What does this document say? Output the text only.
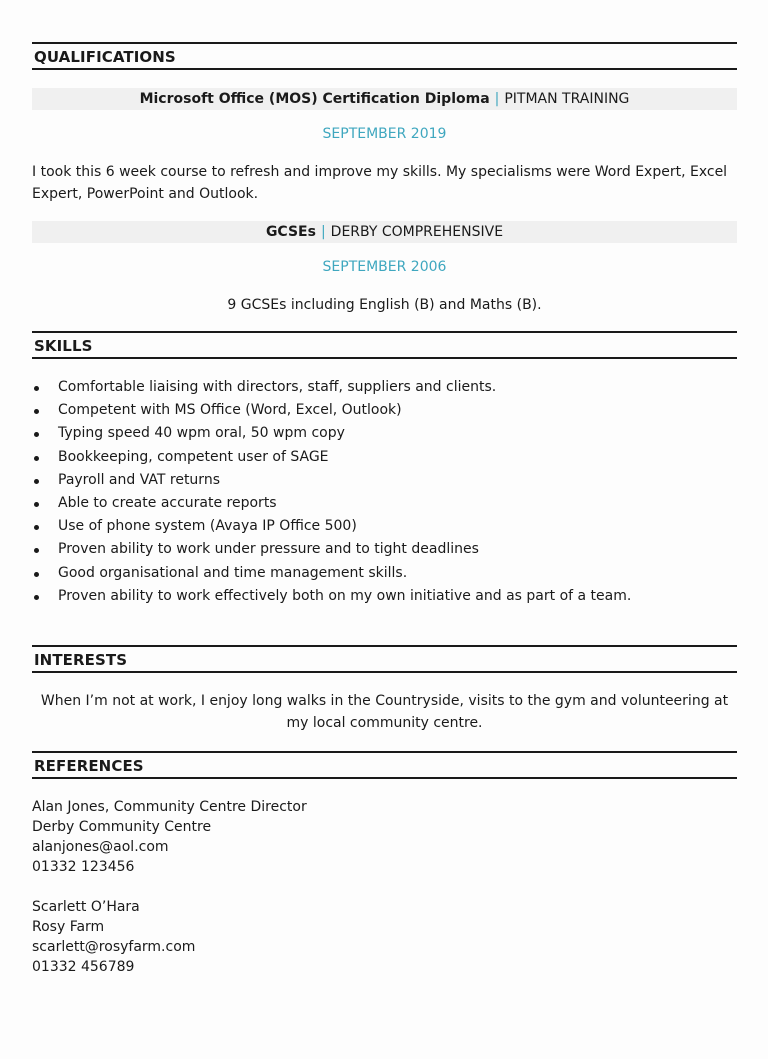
QUALIFICATIONS
Microsoft Office (MOS) Certification Diploma | PITMAN TRAINING
SEPTEMBER 2019
I took this 6 week course to refresh and improve my skills. My specialisms were Word Expert, Excel Expert, PowerPoint and Outlook.
GCSEs | DERBY COMPREHENSIVE
SEPTEMBER 2006
9 GCSEs including English (B) and Maths (B).
SKILLS
Comfortable liaising with directors, staff, suppliers and clients.
Competent with MS Office (Word, Excel, Outlook)
Typing speed 40 wpm oral, 50 wpm copy
Bookkeeping, competent user of SAGE
Payroll and VAT returns
Able to create accurate reports
Use of phone system (Avaya IP Office 500)
Proven ability to work under pressure and to tight deadlines
Good organisational and time management skills.
Proven ability to work effectively both on my own initiative and as part of a team.
INTERESTS
When I’m not at work, I enjoy long walks in the Countryside, visits to the gym and volunteering at my local community centre.
REFERENCES
Alan Jones, Community Centre Director
Derby Community Centre
alanjones@aol.com
01332 123456
Scarlett O’Hara
Rosy Farm
scarlett@rosyfarm.com
01332 456789
